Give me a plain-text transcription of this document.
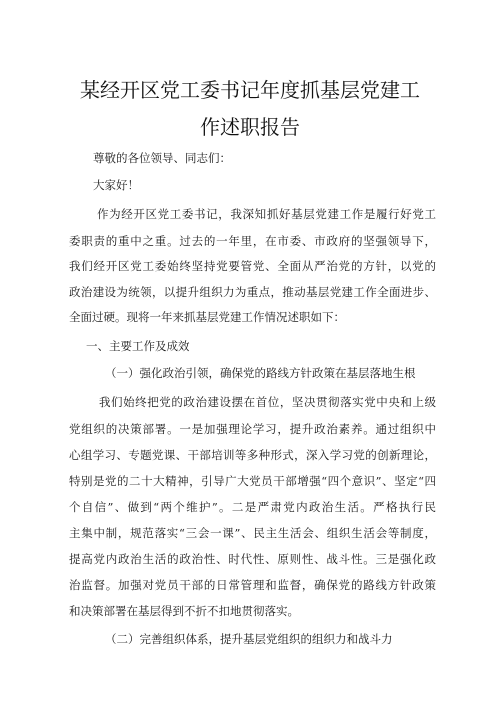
某经开区党工委书记年度抓基层党建工
作述职报告
尊敬的各位领导、同志们：
大家好！
作为经开区党工委书记，我深知抓好基层党建工作是履行好党工
委职责的重中之重。过去的一年里，在市委、市政府的坚强领导下，
我们经开区党工委始终坚持党要管党、全面从严治党的方针，以党的
政治建设为统领，以提升组织力为重点，推动基层党建工作全面进步、
全面过硬。现将一年来抓基层党建工作情况述职如下：
一、主要工作及成效
（一）强化政治引领，确保党的路线方针政策在基层落地生根
我们始终把党的政治建设摆在首位，坚决贯彻落实党中央和上级
党组织的决策部署。一是加强理论学习，提升政治素养。通过组织中
心组学习、专题党课、干部培训等多种形式，深入学习党的创新理论，
特别是党的二十大精神，引导广大党员干部增强“四个意识”、坚定“四
个自信”、做到“两个维护”。二是严肃党内政治生活。严格执行民
主集中制，规范落实“三会一课”、民主生活会、组织生活会等制度，
提高党内政治生活的政治性、时代性、原则性、战斗性。三是强化政
治监督。加强对党员干部的日常管理和监督，确保党的路线方针政策
和决策部署在基层得到不折不扣地贯彻落实。
（二）完善组织体系，提升基层党组织的组织力和战斗力
